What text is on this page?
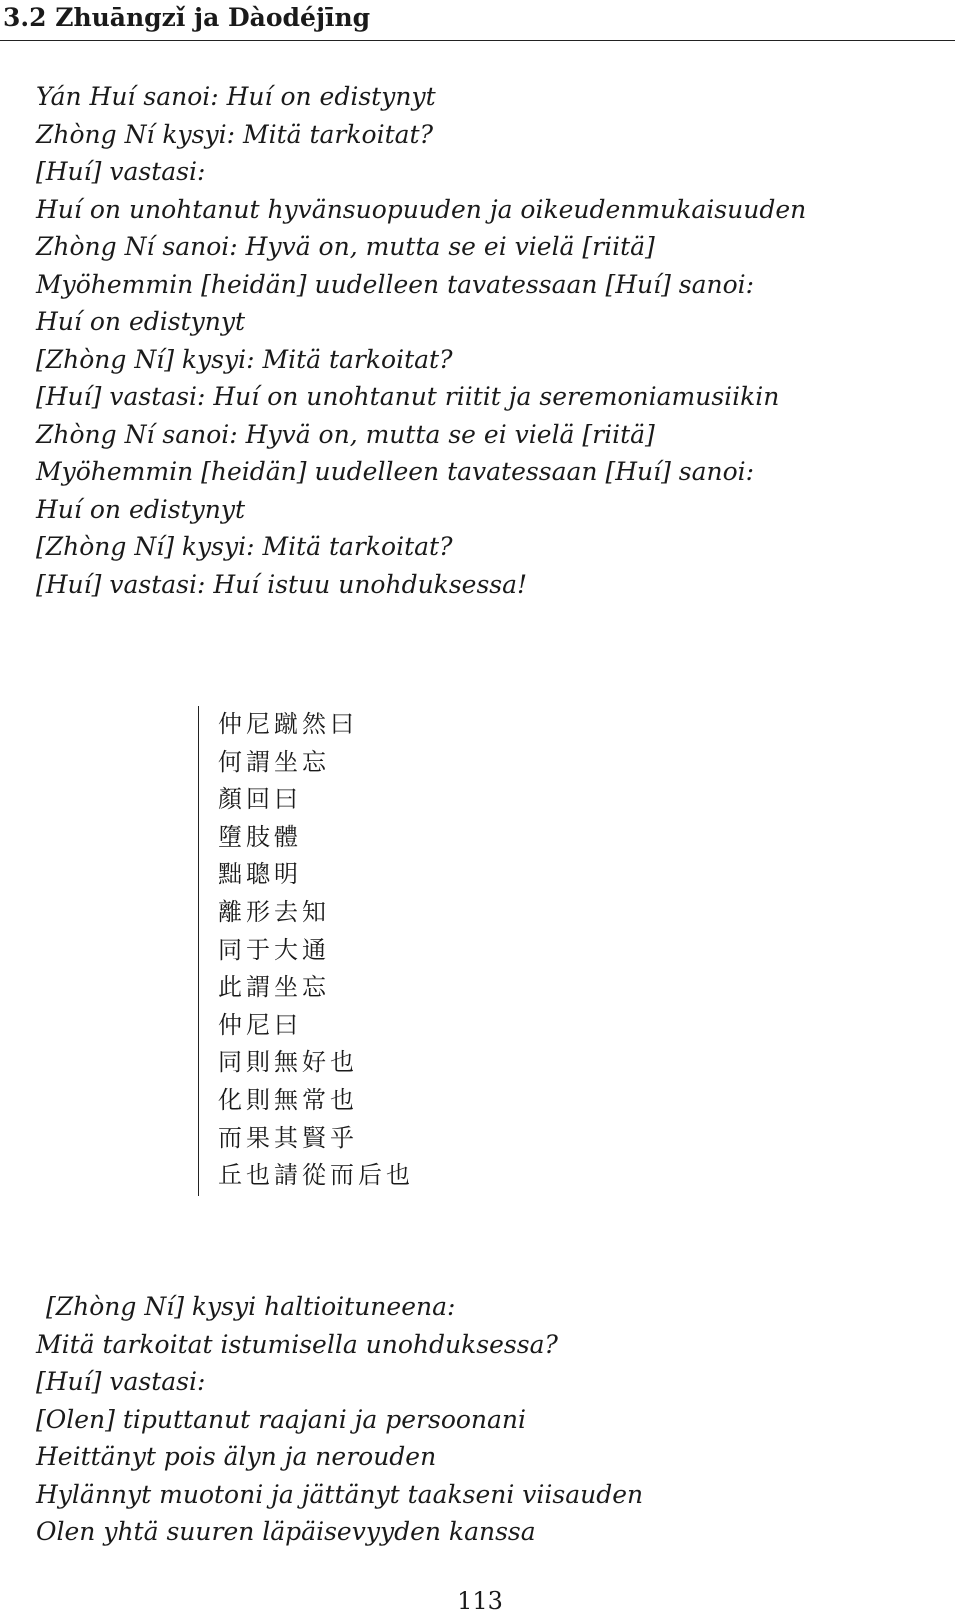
3.2 Zhuāngzǐ ja Dàodéjīng
Yán Huí sanoi: Huí on edistynyt
Zhòng Ní kysyi: Mitä tarkoitat?
[Huí] vastasi:
Huí on unohtanut hyvänsuopuuden ja oikeudenmukaisuuden
Zhòng Ní sanoi: Hyvä on, mutta se ei vielä [riitä]
Myöhemmin [heidän] uudelleen tavatessaan [Huí] sanoi:
Huí on edistynyt
[Zhòng Ní] kysyi: Mitä tarkoitat?
[Huí] vastasi: Huí on unohtanut riitit ja seremoniamusiikin
Zhòng Ní sanoi: Hyvä on, mutta se ei vielä [riitä]
Myöhemmin [heidän] uudelleen tavatessaan [Huí] sanoi:
Huí on edistynyt
[Zhòng Ní] kysyi: Mitä tarkoitat?
[Huí] vastasi: Huí istuu unohduksessa!
仲尼蹴然曰
何謂坐忘
顏回曰
墮肢體
黜聰明
離形去知
同于大通
此謂坐忘
仲尼曰
同則無好也
化則無常也
而果其賢乎
丘也請從而后也
[Zhòng Ní] kysyi haltioituneena:
Mitä tarkoitat istumisella unohduksessa?
[Huí] vastasi:
[Olen] tiputtanut raajani ja persoonani
Heittänyt pois älyn ja nerouden
Hylännyt muotoni ja jättänyt taakseni viisauden
Olen yhtä suuren läpäisevyyden kanssa
113
